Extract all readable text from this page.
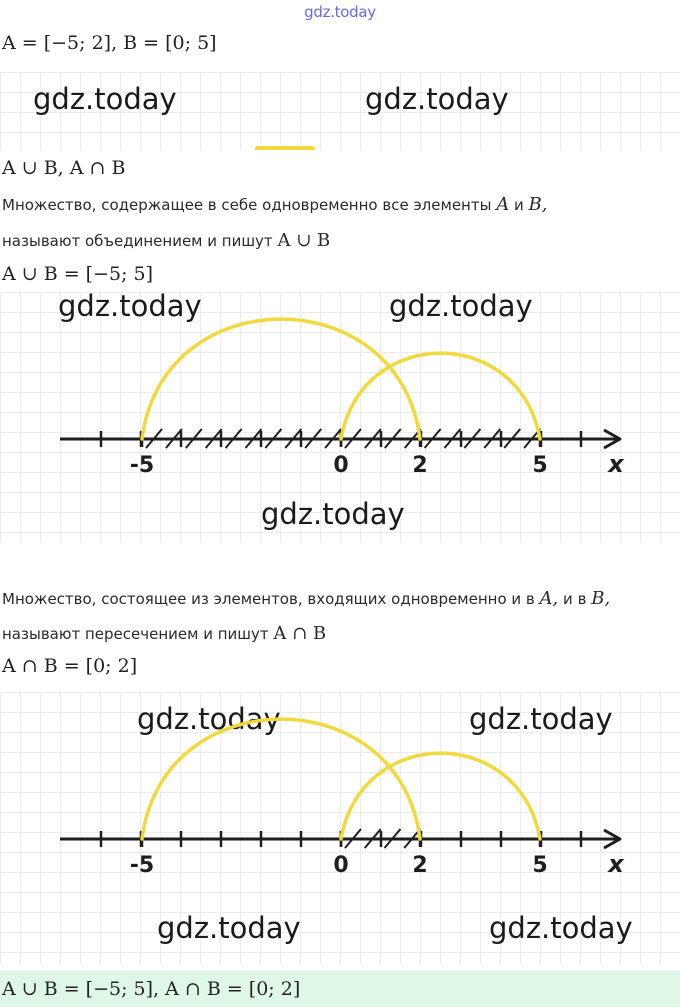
gdz.today
A = [−5; 2], B = [0; 5]
gdz.today	gdz.today
A ∪ B, A ∩ B
Множество, содержащее в себе одновременно все элементы A и B,
называют объединением и пишут A ∪ B
A ∪ B = [−5; 5]
gdz.today	gdz.today
gdz.today
-5	0	2	5	x
Множество, состоящее из элементов, входящих одновременно и в A, и в B,
называют пересечением и пишут A ∩ B
A ∩ B = [0; 2]
gdz.today	gdz.today
gdz.today	gdz.today
-5	0	2	5	x
A ∪ B = [−5; 5], A ∩ B = [0; 2]
